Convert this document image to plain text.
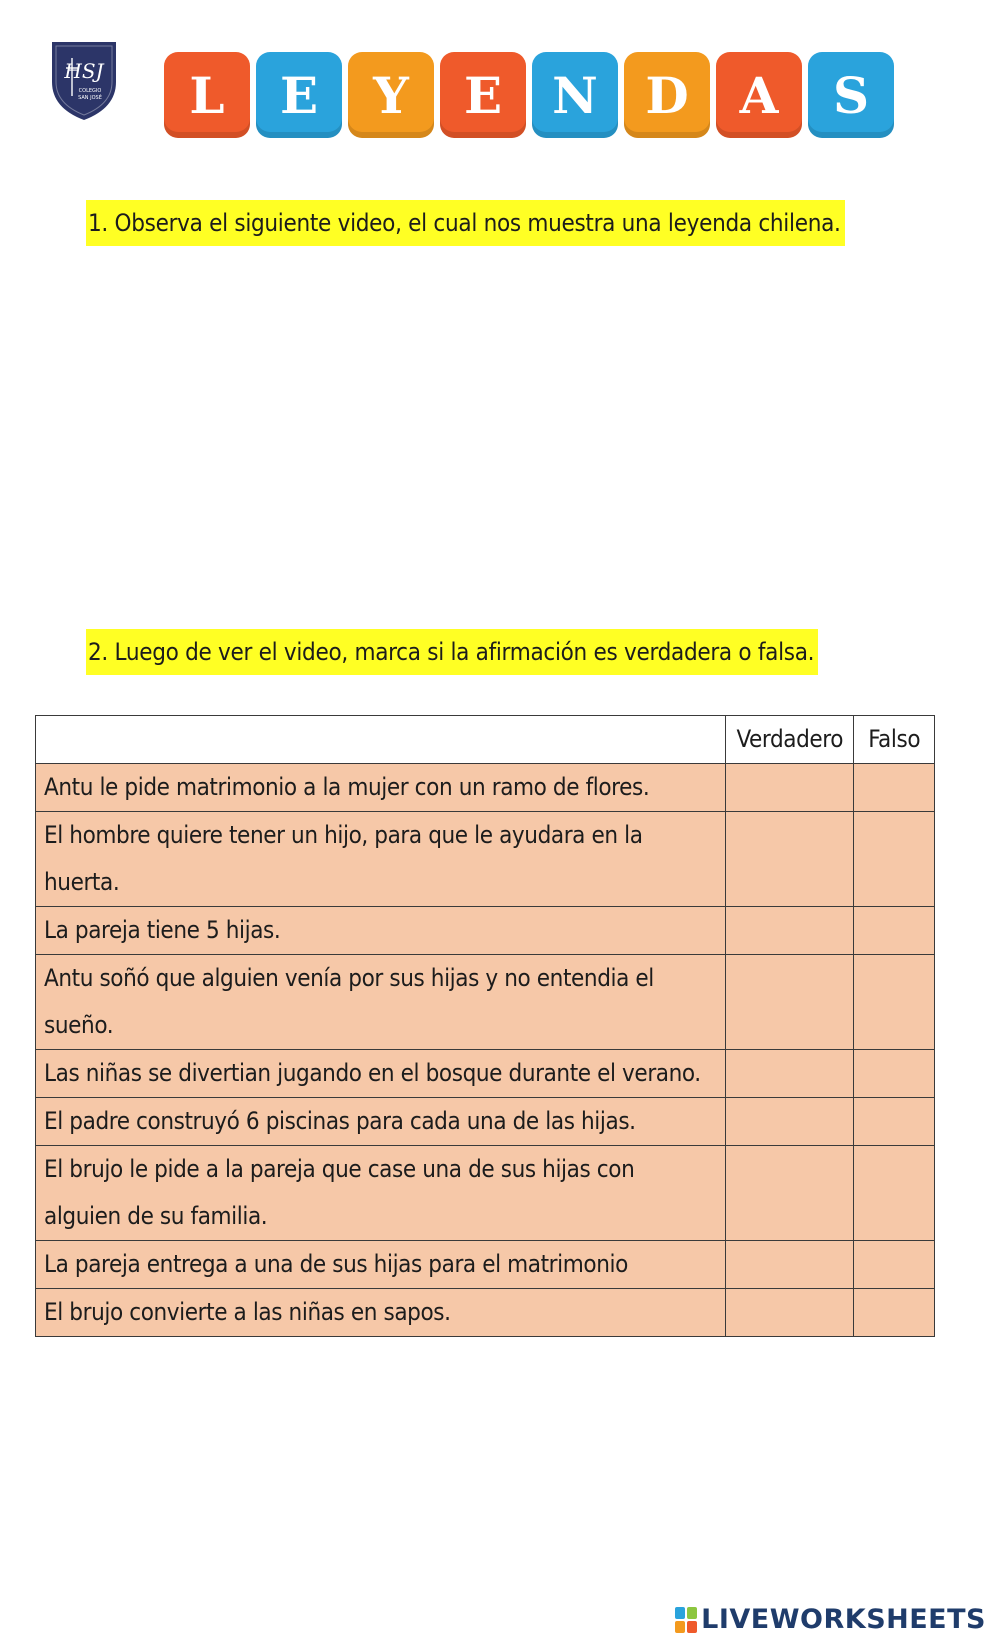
HSJ
COLEGIO
SAN JOSÉ	L	E	Y	E	N D	A	S
1. Observa el siguiente video, el cual nos muestra una leyenda chilena.
2. Luego de ver el video, marca si la afirmación es verdadera o falsa.
	Verdadero	Falso
Antu le pide matrimonio a la mujer con un ramo de flores.		
El hombre quiere tener un hijo, para que le ayudara en la huerta.		
La pareja tiene 5 hijas.		
Antu soñó que alguien venía por sus hijas y no entendia el sueño.		
Las niñas se divertian jugando en el bosque durante el verano.		
El padre construyó 6 piscinas para cada una de las hijas.		
El brujo le pide a la pareja que case una de sus hijas con alguien de su familia.		
La pareja entrega a una de sus hijas para el matrimonio		
El brujo convierte a las niñas en sapos.		
LIVEWORKSHEETS
